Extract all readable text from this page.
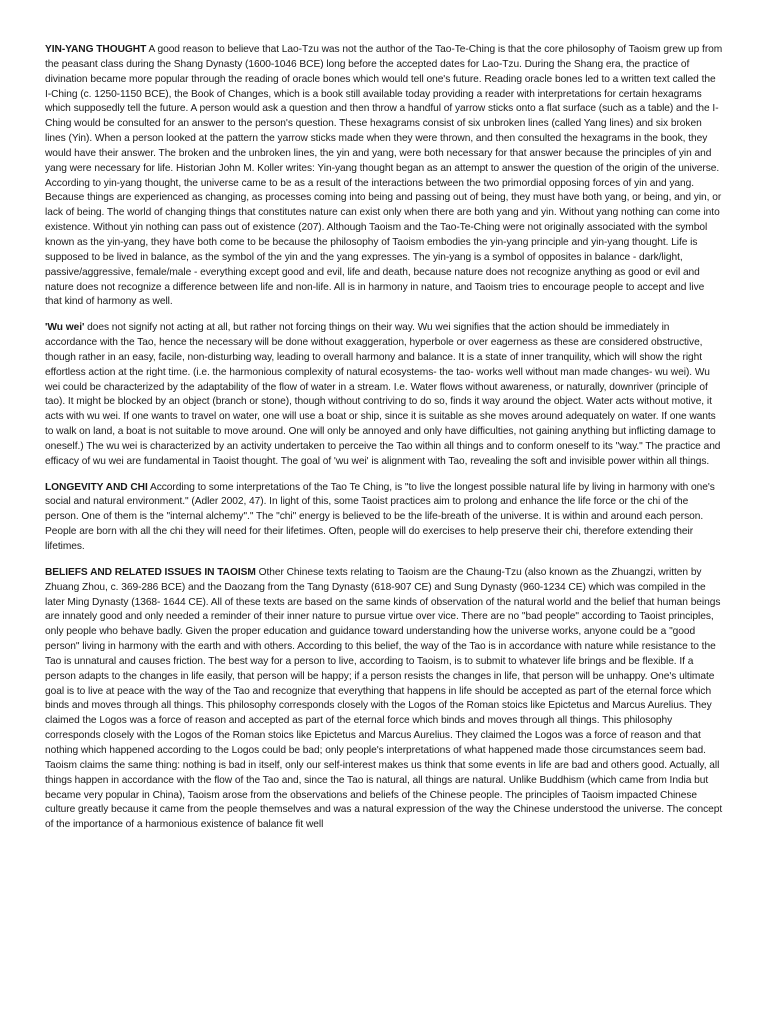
YIN-YANG THOUGHT A good reason to believe that Lao-Tzu was not the author of the Tao-Te-Ching is that the core philosophy of Taoism grew up from the peasant class during the Shang Dynasty (1600-1046 BCE) long before the accepted dates for Lao-Tzu. During the Shang era, the practice of divination became more popular through the reading of oracle bones which would tell one's future. Reading oracle bones led to a written text called the I-Ching (c. 1250-1150 BCE), the Book of Changes, which is a book still available today providing a reader with interpretations for certain hexagrams which supposedly tell the future. A person would ask a question and then throw a handful of yarrow sticks onto a flat surface (such as a table) and the I-Ching would be consulted for an answer to the person's question. These hexagrams consist of six unbroken lines (called Yang lines) and six broken lines (Yin). When a person looked at the pattern the yarrow sticks made when they were thrown, and then consulted the hexagrams in the book, they would have their answer. The broken and the unbroken lines, the yin and yang, were both necessary for that answer because the principles of yin and yang were necessary for life. Historian John M. Koller writes: Yin-yang thought began as an attempt to answer the question of the origin of the universe. According to yin-yang thought, the universe came to be as a result of the interactions between the two primordial opposing forces of yin and yang. Because things are experienced as changing, as processes coming into being and passing out of being, they must have both yang, or being, and yin, or lack of being. The world of changing things that constitutes nature can exist only when there are both yang and yin. Without yang nothing can come into existence. Without yin nothing can pass out of existence (207). Although Taoism and the Tao-Te-Ching were not originally associated with the symbol known as the yin-yang, they have both come to be because the philosophy of Taoism embodies the yin-yang principle and yin-yang thought. Life is supposed to be lived in balance, as the symbol of the yin and the yang expresses. The yin-yang is a symbol of opposites in balance - dark/light, passive/aggressive, female/male - everything except good and evil, life and death, because nature does not recognize anything as good or evil and nature does not recognize a difference between life and non-life. All is in harmony in nature, and Taoism tries to encourage people to accept and live that kind of harmony as well.

'Wu wei' does not signify not acting at all, but rather not forcing things on their way. Wu wei signifies that the action should be immediately in accordance with the Tao, hence the necessary will be done without exaggeration, hyperbole or over eagerness as these are considered obstructive, though rather in an easy, facile, non-disturbing way, leading to overall harmony and balance. It is a state of inner tranquility, which will show the right effortless action at the right time. (i.e. the harmonious complexity of natural ecosystems- the tao- works well without man made changes- wu wei). Wu wei could be characterized by the adaptability of the flow of water in a stream. I.e. Water flows without awareness, or naturally, downriver (principle of tao). It might be blocked by an object (branch or stone), though without contriving to do so, finds it way around the object. Water acts without motive, it acts with wu wei. If one wants to travel on water, one will use a boat or ship, since it is suitable as she moves around adequately on water. If one wants to walk on land, a boat is not suitable to move around. One will only be annoyed and only have difficulties, not gaining anything but inflicting damage to oneself.) The wu wei is characterized by an activity undertaken to perceive the Tao within all things and to conform oneself to its "way." The practice and efficacy of wu wei are fundamental in Taoist thought. The goal of 'wu wei' is alignment with Tao, revealing the soft and invisible power within all things.

LONGEVITY AND CHI According to some interpretations of the Tao Te Ching, is "to live the longest possible natural life by living in harmony with one's social and natural environment." (Adler 2002, 47). In light of this, some Taoist practices aim to prolong and enhance the life force or the chi of the person. One of them is the "internal alchemy"." The "chi" energy is believed to be the life-breath of the universe. It is within and around each person. People are born with all the chi they will need for their lifetimes. Often, people will do exercises to help preserve their chi, therefore extending their lifetimes.

BELIEFS AND RELATED ISSUES IN TAOISM Other Chinese texts relating to Taoism are the Chaung-Tzu (also known as the Zhuangzi, written by Zhuang Zhou, c. 369-286 BCE) and the Daozang from the Tang Dynasty (618-907 CE) and Sung Dynasty (960-1234 CE) which was compiled in the later Ming Dynasty (1368- 1644 CE). All of these texts are based on the same kinds of observation of the natural world and the belief that human beings are innately good and only needed a reminder of their inner nature to pursue virtue over vice. There are no "bad people" according to Taoist principles, only people who behave badly. Given the proper education and guidance toward understanding how the universe works, anyone could be a "good person" living in harmony with the earth and with others. According to this belief, the way of the Tao is in accordance with nature while resistance to the Tao is unnatural and causes friction. The best way for a person to live, according to Taoism, is to submit to whatever life brings and be flexible. If a person adapts to the changes in life easily, that person will be happy; if a person resists the changes in life, that person will be unhappy. One's ultimate goal is to live at peace with the way of the Tao and recognize that everything that happens in life should be accepted as part of the eternal force which binds and moves through all things. This philosophy corresponds closely with the Logos of the Roman stoics like Epictetus and Marcus Aurelius. They claimed the Logos was a force of reason and accepted as part of the eternal force which binds and moves through all things. This philosophy corresponds closely with the Logos of the Roman stoics like Epictetus and Marcus Aurelius. They claimed the Logos was a force of reason and that nothing which happened according to the Logos could be bad; only people's interpretations of what happened made those circumstances seem bad. Taoism claims the same thing: nothing is bad in itself, only our self-interest makes us think that some events in life are bad and others good. Actually, all things happen in accordance with the flow of the Tao and, since the Tao is natural, all things are natural. Unlike Buddhism (which came from India but became very popular in China), Taoism arose from the observations and beliefs of the Chinese people. The principles of Taoism impacted Chinese culture greatly because it came from the people themselves and was a natural expression of the way the Chinese understood the universe. The concept of the importance of a harmonious existence of balance fit well
